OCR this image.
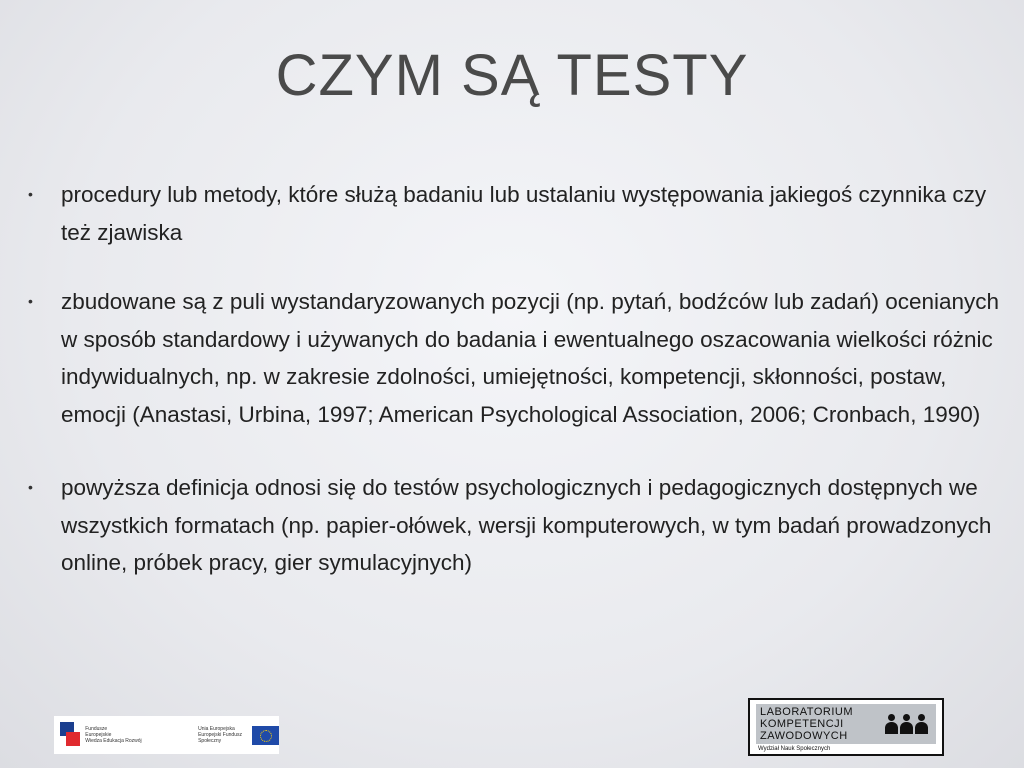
CZYM SĄ TESTY
• procedury lub metody, które służą badaniu lub ustalaniu występowania jakiegoś czynnika czy też zjawiska
• zbudowane są z puli wystandaryzowanych pozycji (np. pytań, bodźców lub zadań) ocenianych w sposób standardowy i używanych do badania i ewentualnego oszacowania wielkości różnic indywidualnych, np. w zakresie zdolności, umiejętności, kompetencji, skłonności, postaw, emocji (Anastasi, Urbina, 1997; American Psychological Association, 2006; Cronbach, 1990)
• powyższa definicja odnosi się do testów psychologicznych i pedagogicznych dostępnych we wszystkich formatach (np. papier-ołówek, wersji komputerowych, w tym badań prowadzonych online, próbek pracy, gier symulacyjnych)
Fundusze
Europejskie
Wiedza Edukacja Rozwój
Unia Europejska
Europejski Fundusz Społeczny
LABORATORIUM
KOMPETENCJI
ZAWODOWYCH
Wydział Nauk Społecznych
